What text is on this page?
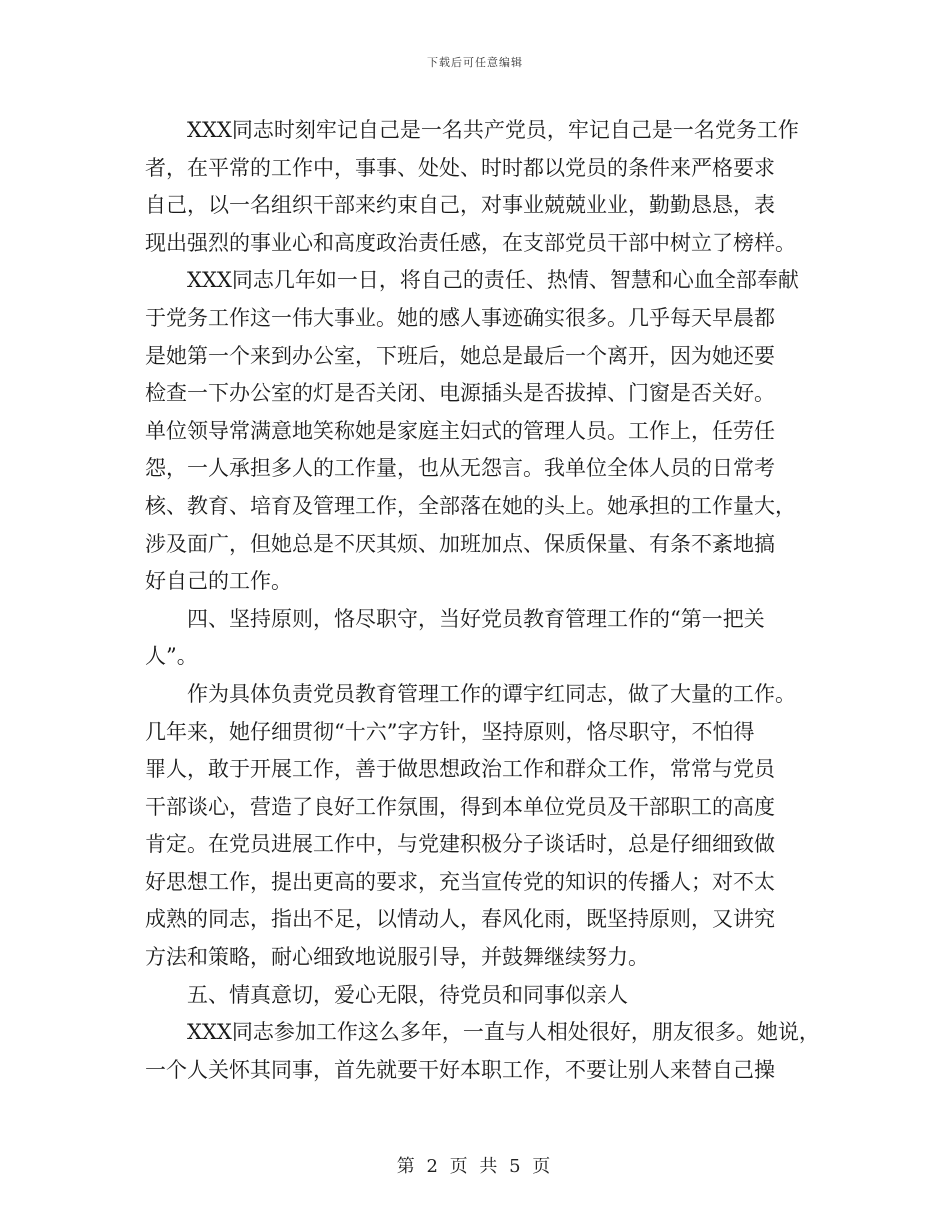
下载后可任意编辑
XXX同志时刻牢记自己是一名共产党员，牢记自己是一名党务工作
者，在平常的工作中，事事、处处、时时都以党员的条件来严格要求
自己，以一名组织干部来约束自己，对事业兢兢业业，勤勤恳恳，表
现出强烈的事业心和高度政治责任感，在支部党员干部中树立了榜样。
XXX同志几年如一日，将自己的责任、热情、智慧和心血全部奉献
于党务工作这一伟大事业。她的感人事迹确实很多。几乎每天早晨都
是她第一个来到办公室，下班后，她总是最后一个离开，因为她还要
检查一下办公室的灯是否关闭、电源插头是否拔掉、门窗是否关好。
单位领导常满意地笑称她是家庭主妇式的管理人员。工作上，任劳任
怨，一人承担多人的工作量，也从无怨言。我单位全体人员的日常考
核、教育、培育及管理工作，全部落在她的头上。她承担的工作量大，
涉及面广，但她总是不厌其烦、加班加点、保质保量、有条不紊地搞
好自己的工作。
四、坚持原则，恪尽职守，当好党员教育管理工作的“第一把关
人”。
作为具体负责党员教育管理工作的谭宇红同志，做了大量的工作。
几年来，她仔细贯彻“十六”字方针，坚持原则，恪尽职守，不怕得
罪人，敢于开展工作，善于做思想政治工作和群众工作，常常与党员
干部谈心，营造了良好工作氛围，得到本单位党员及干部职工的高度
肯定。在党员进展工作中，与党建积极分子谈话时，总是仔细细致做
好思想工作，提出更高的要求，充当宣传党的知识的传播人；对不太
成熟的同志，指出不足，以情动人，春风化雨，既坚持原则，又讲究
方法和策略，耐心细致地说服引导，并鼓舞继续努力。
五、情真意切，爱心无限，待党员和同事似亲人
XXX同志参加工作这么多年，一直与人相处很好，朋友很多。她说，
一个人关怀其同事，首先就要干好本职工作，不要让别人来替自己操
第 2 页 共 5 页
